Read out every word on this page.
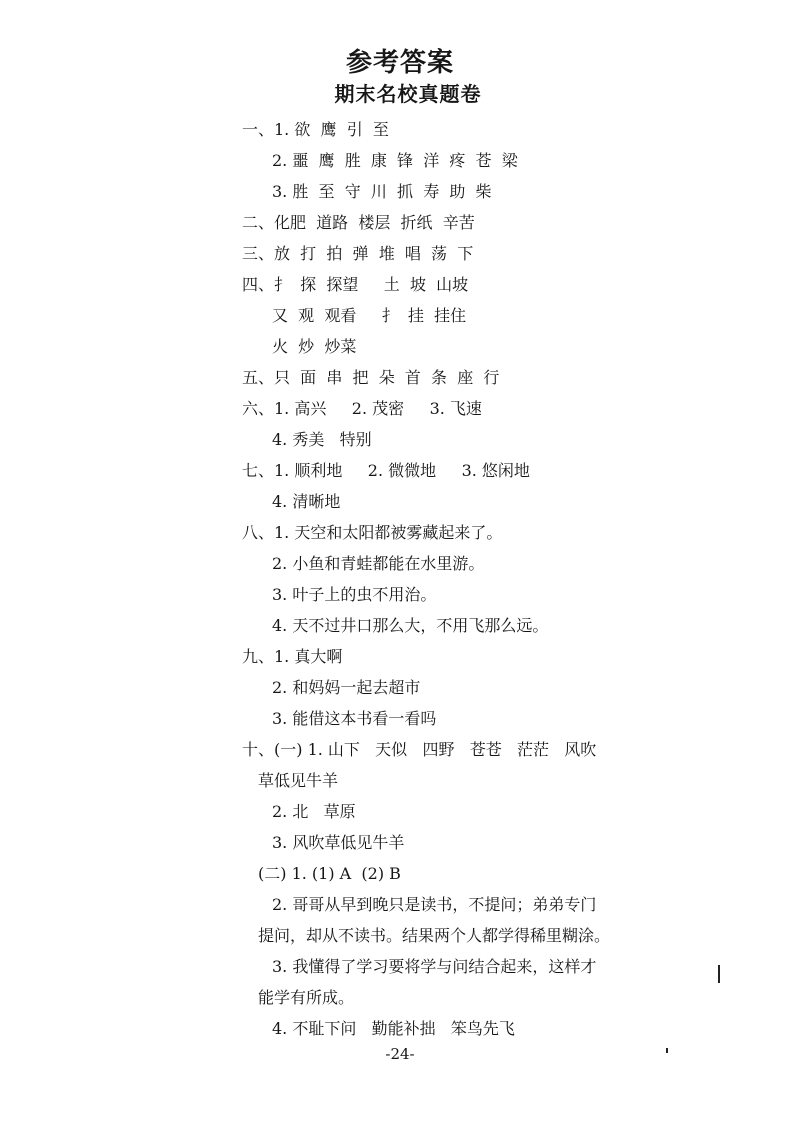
参考答案
期末名校真题卷
一、1. 欲  鹰  引  至
2. 噩  鹰  胜  康  锋  洋  疼  苍  梁
3. 胜  至  守  川  抓  寿  助  柴
二、化肥  道路  楼层  折纸  辛苦
三、放  打  拍  弹  堆  唱  荡  下
四、扌  探  探望     土  坡  山坡
又  观  观看     扌  挂  挂住
火  炒  炒菜
五、只  面  串  把  朵  首  条  座  行
六、1. 高兴     2. 茂密     3. 飞速
4. 秀美   特别
七、1. 顺利地     2. 微微地     3. 悠闲地
4. 清晰地
八、1. 天空和太阳都被雾藏起来了。
2. 小鱼和青蛙都能在水里游。
3. 叶子上的虫不用治。
4. 天不过井口那么大，不用飞那么远。
九、1. 真大啊
2. 和妈妈一起去超市
3. 能借这本书看一看吗
十、(一) 1. 山下   天似   四野   苍苍   茫茫   风吹
草低见牛羊
2. 北   草原
3. 风吹草低见牛羊
(二) 1. (1) A  (2) B
2. 哥哥从早到晚只是读书，不提问；弟弟专门
提问，却从不读书。结果两个人都学得稀里糊涂。
3. 我懂得了学习要将学与问结合起来，这样才
能学有所成。
4. 不耻下问   勤能补拙   笨鸟先飞
-24-
